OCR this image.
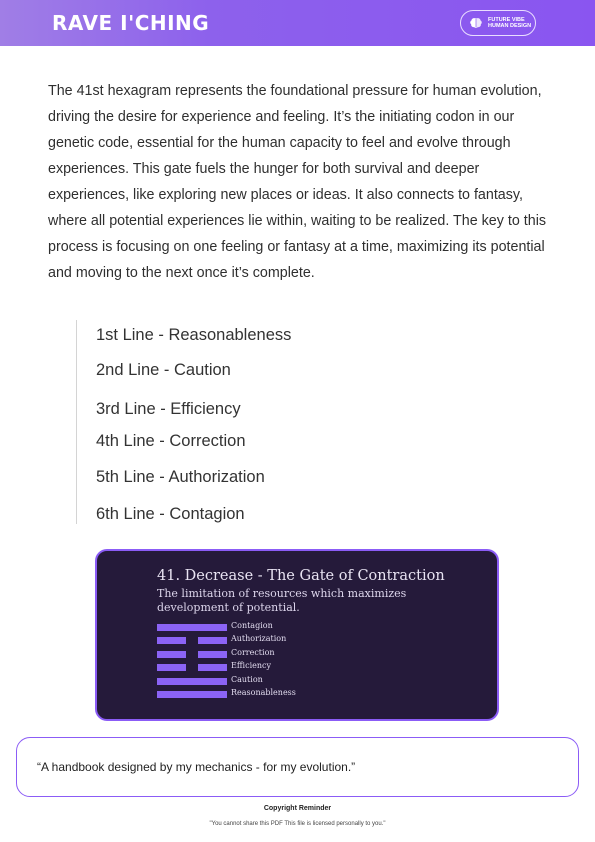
RAVE I'CHING	FUTURE VIBE
HUMAN DESIGN
The 41st hexagram represents the foundational pressure for human evolution, driving the desire for experience and feeling. It’s the initiating codon in our genetic code, essential for the human capacity to feel and evolve through experiences. This gate fuels the hunger for both survival and deeper experiences, like exploring new places or ideas. It also connects to fantasy, where all potential experiences lie within, waiting to be realized. The key to this process is focusing on one feeling or fantasy at a time, maximizing its potential and moving to the next once it’s complete.
1st Line - Reasonableness
2nd Line - Caution
3rd Line - Efficiency
4th Line - Correction
5th Line - Authorization
6th Line - Contagion
41. Decrease - The Gate of Contraction
The limitation of resources which maximizes development of potential.
Contagion
Authorization
Correction
Efficiency
Caution
Reasonableness
“A handbook designed by my mechanics - for my evolution.”
Copyright Reminder
"You cannot share this PDF This file is licensed personally to you."
